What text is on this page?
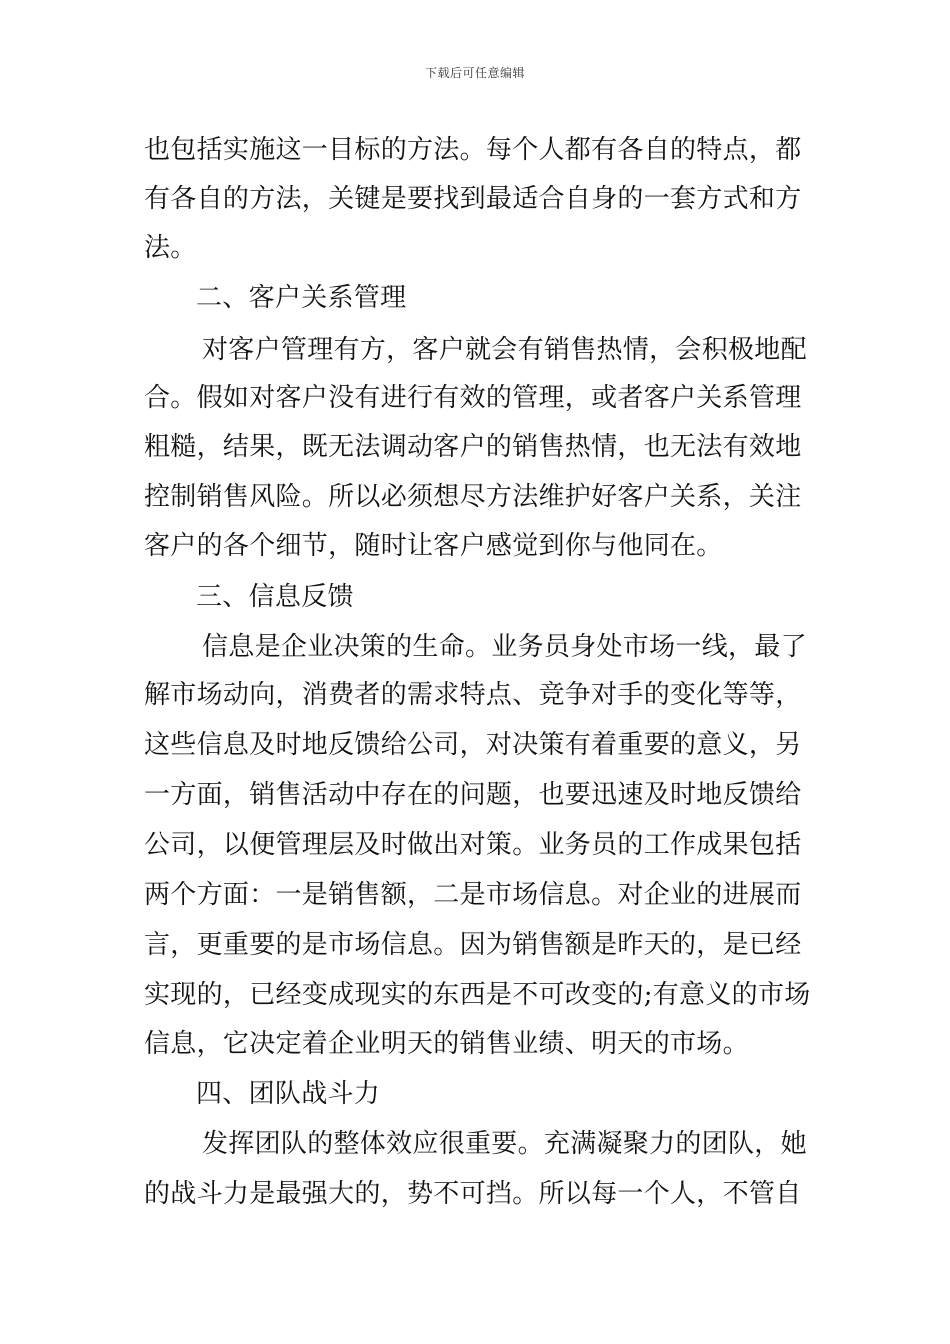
下载后可任意编辑
也包括实施这一目标的方法。每个人都有各自的特点，都
有各自的方法，关键是要找到最适合自身的一套方式和方
法。
二、客户关系管理
对客户管理有方，客户就会有销售热情，会积极地配
合。假如对客户没有进行有效的管理，或者客户关系管理
粗糙，结果，既无法调动客户的销售热情，也无法有效地
控制销售风险。所以必须想尽方法维护好客户关系，关注
客户的各个细节，随时让客户感觉到你与他同在。
三、信息反馈
信息是企业决策的生命。业务员身处市场一线，最了
解市场动向，消费者的需求特点、竞争对手的变化等等，
这些信息及时地反馈给公司，对决策有着重要的意义，另
一方面，销售活动中存在的问题，也要迅速及时地反馈给
公司，以便管理层及时做出对策。业务员的工作成果包括
两个方面：一是销售额，二是市场信息。对企业的进展而
言，更重要的是市场信息。因为销售额是昨天的，是已经
实现的，已经变成现实的东西是不可改变的;有意义的市场
信息，它决定着企业明天的销售业绩、明天的市场。
四、团队战斗力
发挥团队的整体效应很重要。充满凝聚力的团队，她
的战斗力是最强大的，势不可挡。所以每一个人，不管自
